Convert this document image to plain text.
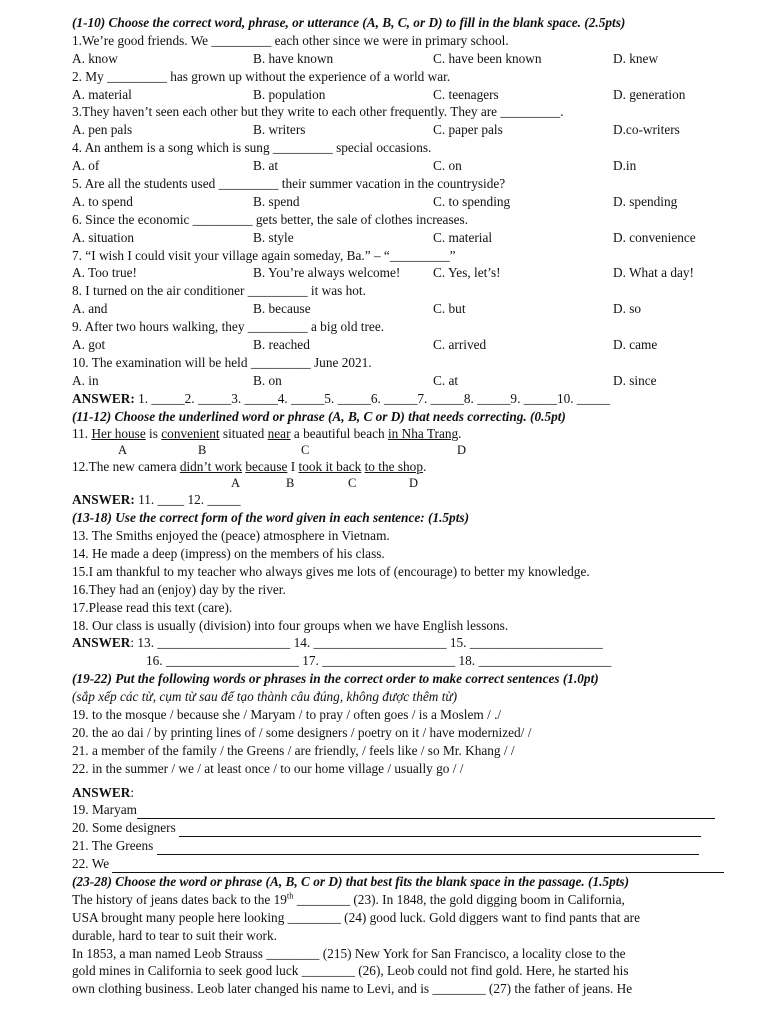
(1-10) Choose the correct word, phrase, or utterance (A, B, C, or D) to fill in the blank space. (2.5pts)
1.We’re good friends. We _________ each other since we were in primary school.
A. know	B. have known	C. have been known	D. knew
2. My _________ has grown up without the experience of a world war.
A. material	B. population	C. teenagers	D. generation
3.They haven’t seen each other but they write to each other frequently. They are _________.
A. pen pals	B. writers	C. paper pals	D.co-writers
4. An anthem is a song which is sung _________ special occasions.
A. of	B. at	C. on	D.in
5. Are all the students used _________ their summer vacation in the countryside?
A. to spend	B. spend	C. to spending	D. spending
6. Since the economic _________ gets better, the sale of clothes increases.
A. situation	B. style	C. material	D. convenience
7. “I wish I could visit your village again someday, Ba.” – “_________”
A. Too true!	B. You’re always welcome! C. Yes, let’s!	D. What a day!
8. I turned on the air conditioner _________ it was hot.
A. and	B. because	C. but	D. so
9. After two hours walking, they _________ a big old tree.
A. got	B. reached	C. arrived	D. came
10. The examination will be held _________ June 2021.
A. in	B. on	C. at	D. since
ANSWER: 1. _____2. _____3. _____4. _____5. _____6. _____7. _____8. _____9. _____10. _____
(11-12) Choose the underlined word or phrase (A, B, C or D) that needs correcting. (0.5pt)
11. Her house is convenient situated near a beautiful beach in Nha Trang.
A	B	C	D
12.The new camera didn’t work because I took it back to the shop.
A	B	C	D
ANSWER: 11. ____ 12. _____
(13-18) Use the correct form of the word given in each sentence: (1.5pts)
13. The Smiths enjoyed the (peace) atmosphere in Vietnam.
14. He made a deep (impress) on the members of his class.
15.I am thankful to my teacher who always gives me lots of (encourage) to better my knowledge.
16.They had an (enjoy) day by the river.
17.Please read this text (care).
18. Our class is usually (division) into four groups when we have English lessons.
ANSWER: 13. ____________________ 14. ____________________ 15. ____________________
16. ____________________ 17. ____________________ 18. ____________________
(19-22) Put the following words or phrases in the correct order to make correct sentences (1.0pt)
(sắp xếp các từ, cụm từ sau để tạo thành câu đúng, không được thêm từ)
19. to the mosque / because she / Maryam / to pray / often goes / is a Moslem / ./
20. the ao dai / by printing lines of / some designers / poetry on it / have modernized/ /
21. a member of the family / the Greens / are friendly, / feels like / so Mr. Khang / /
22. in the summer / we / at least once / to our home village / usually go / /
ANSWER:
19. Maryam
20. Some designers
21. The Greens
22. We
(23-28) Choose the word or phrase (A, B, C or D) that best fits the blank space in the passage. (1.5pts)
The history of jeans dates back to the 19th ________ (23). In 1848, the gold digging boom in California,
USA brought many people here looking ________ (24) good luck. Gold diggers want to find pants that are
durable, hard to tear to suit their work.
In 1853, a man named Leob Strauss ________ (215) New York for San Francisco, a locality close to the
gold mines in California to seek good luck ________ (26), Leob could not find gold. Here, he started his
own clothing business. Leob later changed his name to Levi, and is ________ (27) the father of jeans. He
